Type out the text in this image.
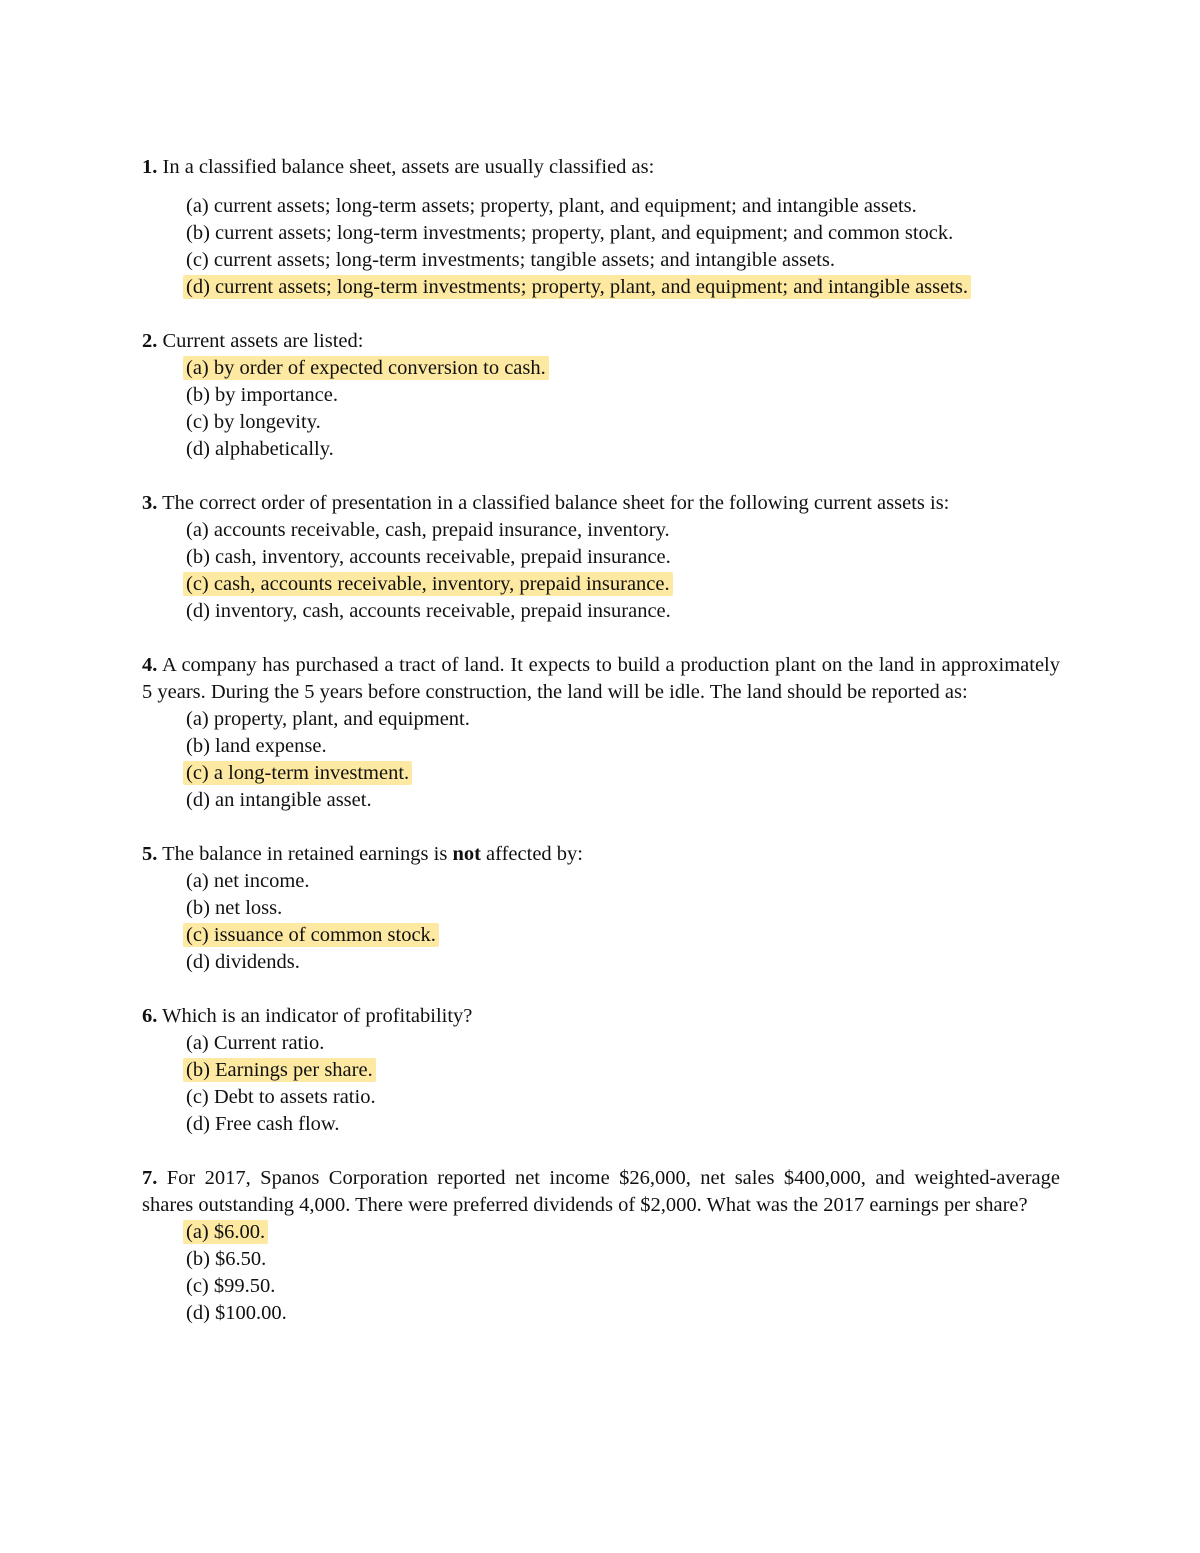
1. In a classified balance sheet, assets are usually classified as:
(a) current assets; long-term assets; property, plant, and equipment; and intangible assets.
(b) current assets; long-term investments; property, plant, and equipment; and common stock.
(c) current assets; long-term investments; tangible assets; and intangible assets.
(d) current assets; long-term investments; property, plant, and equipment; and intangible assets.
2. Current assets are listed:
(a) by order of expected conversion to cash.
(b) by importance.
(c) by longevity.
(d) alphabetically.
3. The correct order of presentation in a classified balance sheet for the following current assets is:
(a) accounts receivable, cash, prepaid insurance, inventory.
(b) cash, inventory, accounts receivable, prepaid insurance.
(c) cash, accounts receivable, inventory, prepaid insurance.
(d) inventory, cash, accounts receivable, prepaid insurance.
4. A company has purchased a tract of land. It expects to build a production plant on the land in approximately 5 years. During the 5 years before construction, the land will be idle. The land should be reported as:
(a) property, plant, and equipment.
(b) land expense.
(c) a long-term investment.
(d) an intangible asset.
5. The balance in retained earnings is not affected by:
(a) net income.
(b) net loss.
(c) issuance of common stock.
(d) dividends.
6. Which is an indicator of profitability?
(a) Current ratio.
(b) Earnings per share.
(c) Debt to assets ratio.
(d) Free cash flow.
7. For 2017, Spanos Corporation reported net income $26,000, net sales $400,000, and weighted-average shares outstanding 4,000. There were preferred dividends of $2,000. What was the 2017 earnings per share?
(a) $6.00.
(b) $6.50.
(c) $99.50.
(d) $100.00.
